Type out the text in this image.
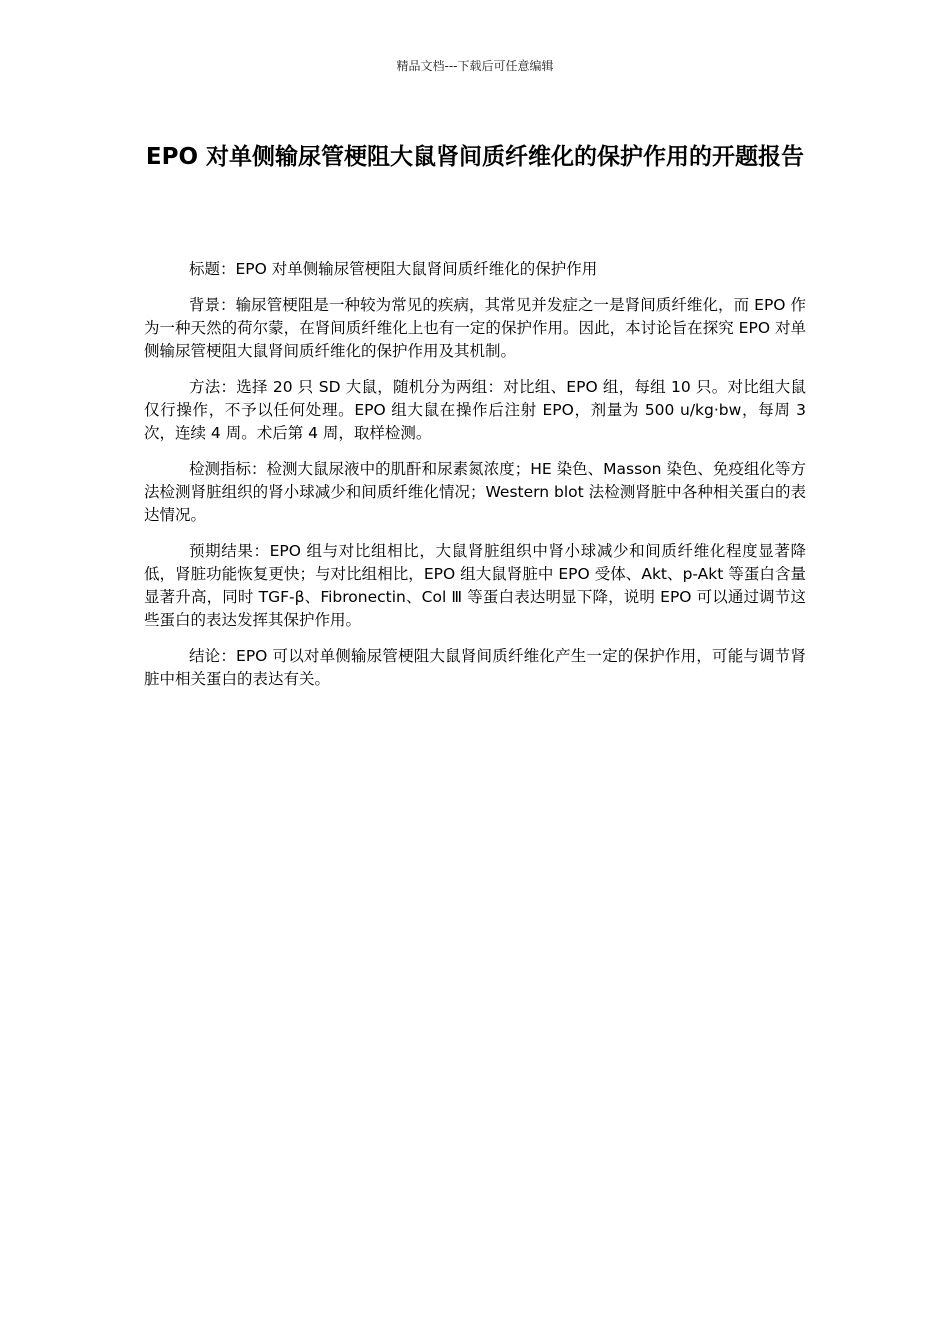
精品文档---下载后可任意编辑
EPO 对单侧输尿管梗阻大鼠肾间质纤维化的保护作用的开题报告

标题：EPO 对单侧输尿管梗阻大鼠肾间质纤维化的保护作用

背景：输尿管梗阻是一种较为常见的疾病，其常见并发症之一是肾间质纤维化，而 EPO 作为一种天然的荷尔蒙，在肾间质纤维化上也有一定的保护作用。因此，本讨论旨在探究 EPO 对单侧输尿管梗阻大鼠肾间质纤维化的保护作用及其机制。

方法：选择 20 只 SD 大鼠，随机分为两组：对比组、EPO 组，每组 10 只。对比组大鼠仅行操作，不予以任何处理。EPO 组大鼠在操作后注射 EPO，剂量为 500 u/kg·bw，每周 3 次，连续 4 周。术后第 4 周，取样检测。

检测指标：检测大鼠尿液中的肌酐和尿素氮浓度；HE 染色、Masson 染色、免疫组化等方法检测肾脏组织的肾小球减少和间质纤维化情况；Western blot 法检测肾脏中各种相关蛋白的表达情况。

预期结果：EPO 组与对比组相比，大鼠肾脏组织中肾小球减少和间质纤维化程度显著降低，肾脏功能恢复更快；与对比组相比，EPO 组大鼠肾脏中 EPO 受体、Akt、p-Akt 等蛋白含量显著升高，同时 TGF-β、Fibronectin、Col Ⅲ 等蛋白表达明显下降，说明 EPO 可以通过调节这些蛋白的表达发挥其保护作用。

结论：EPO 可以对单侧输尿管梗阻大鼠肾间质纤维化产生一定的保护作用，可能与调节肾脏中相关蛋白的表达有关。
